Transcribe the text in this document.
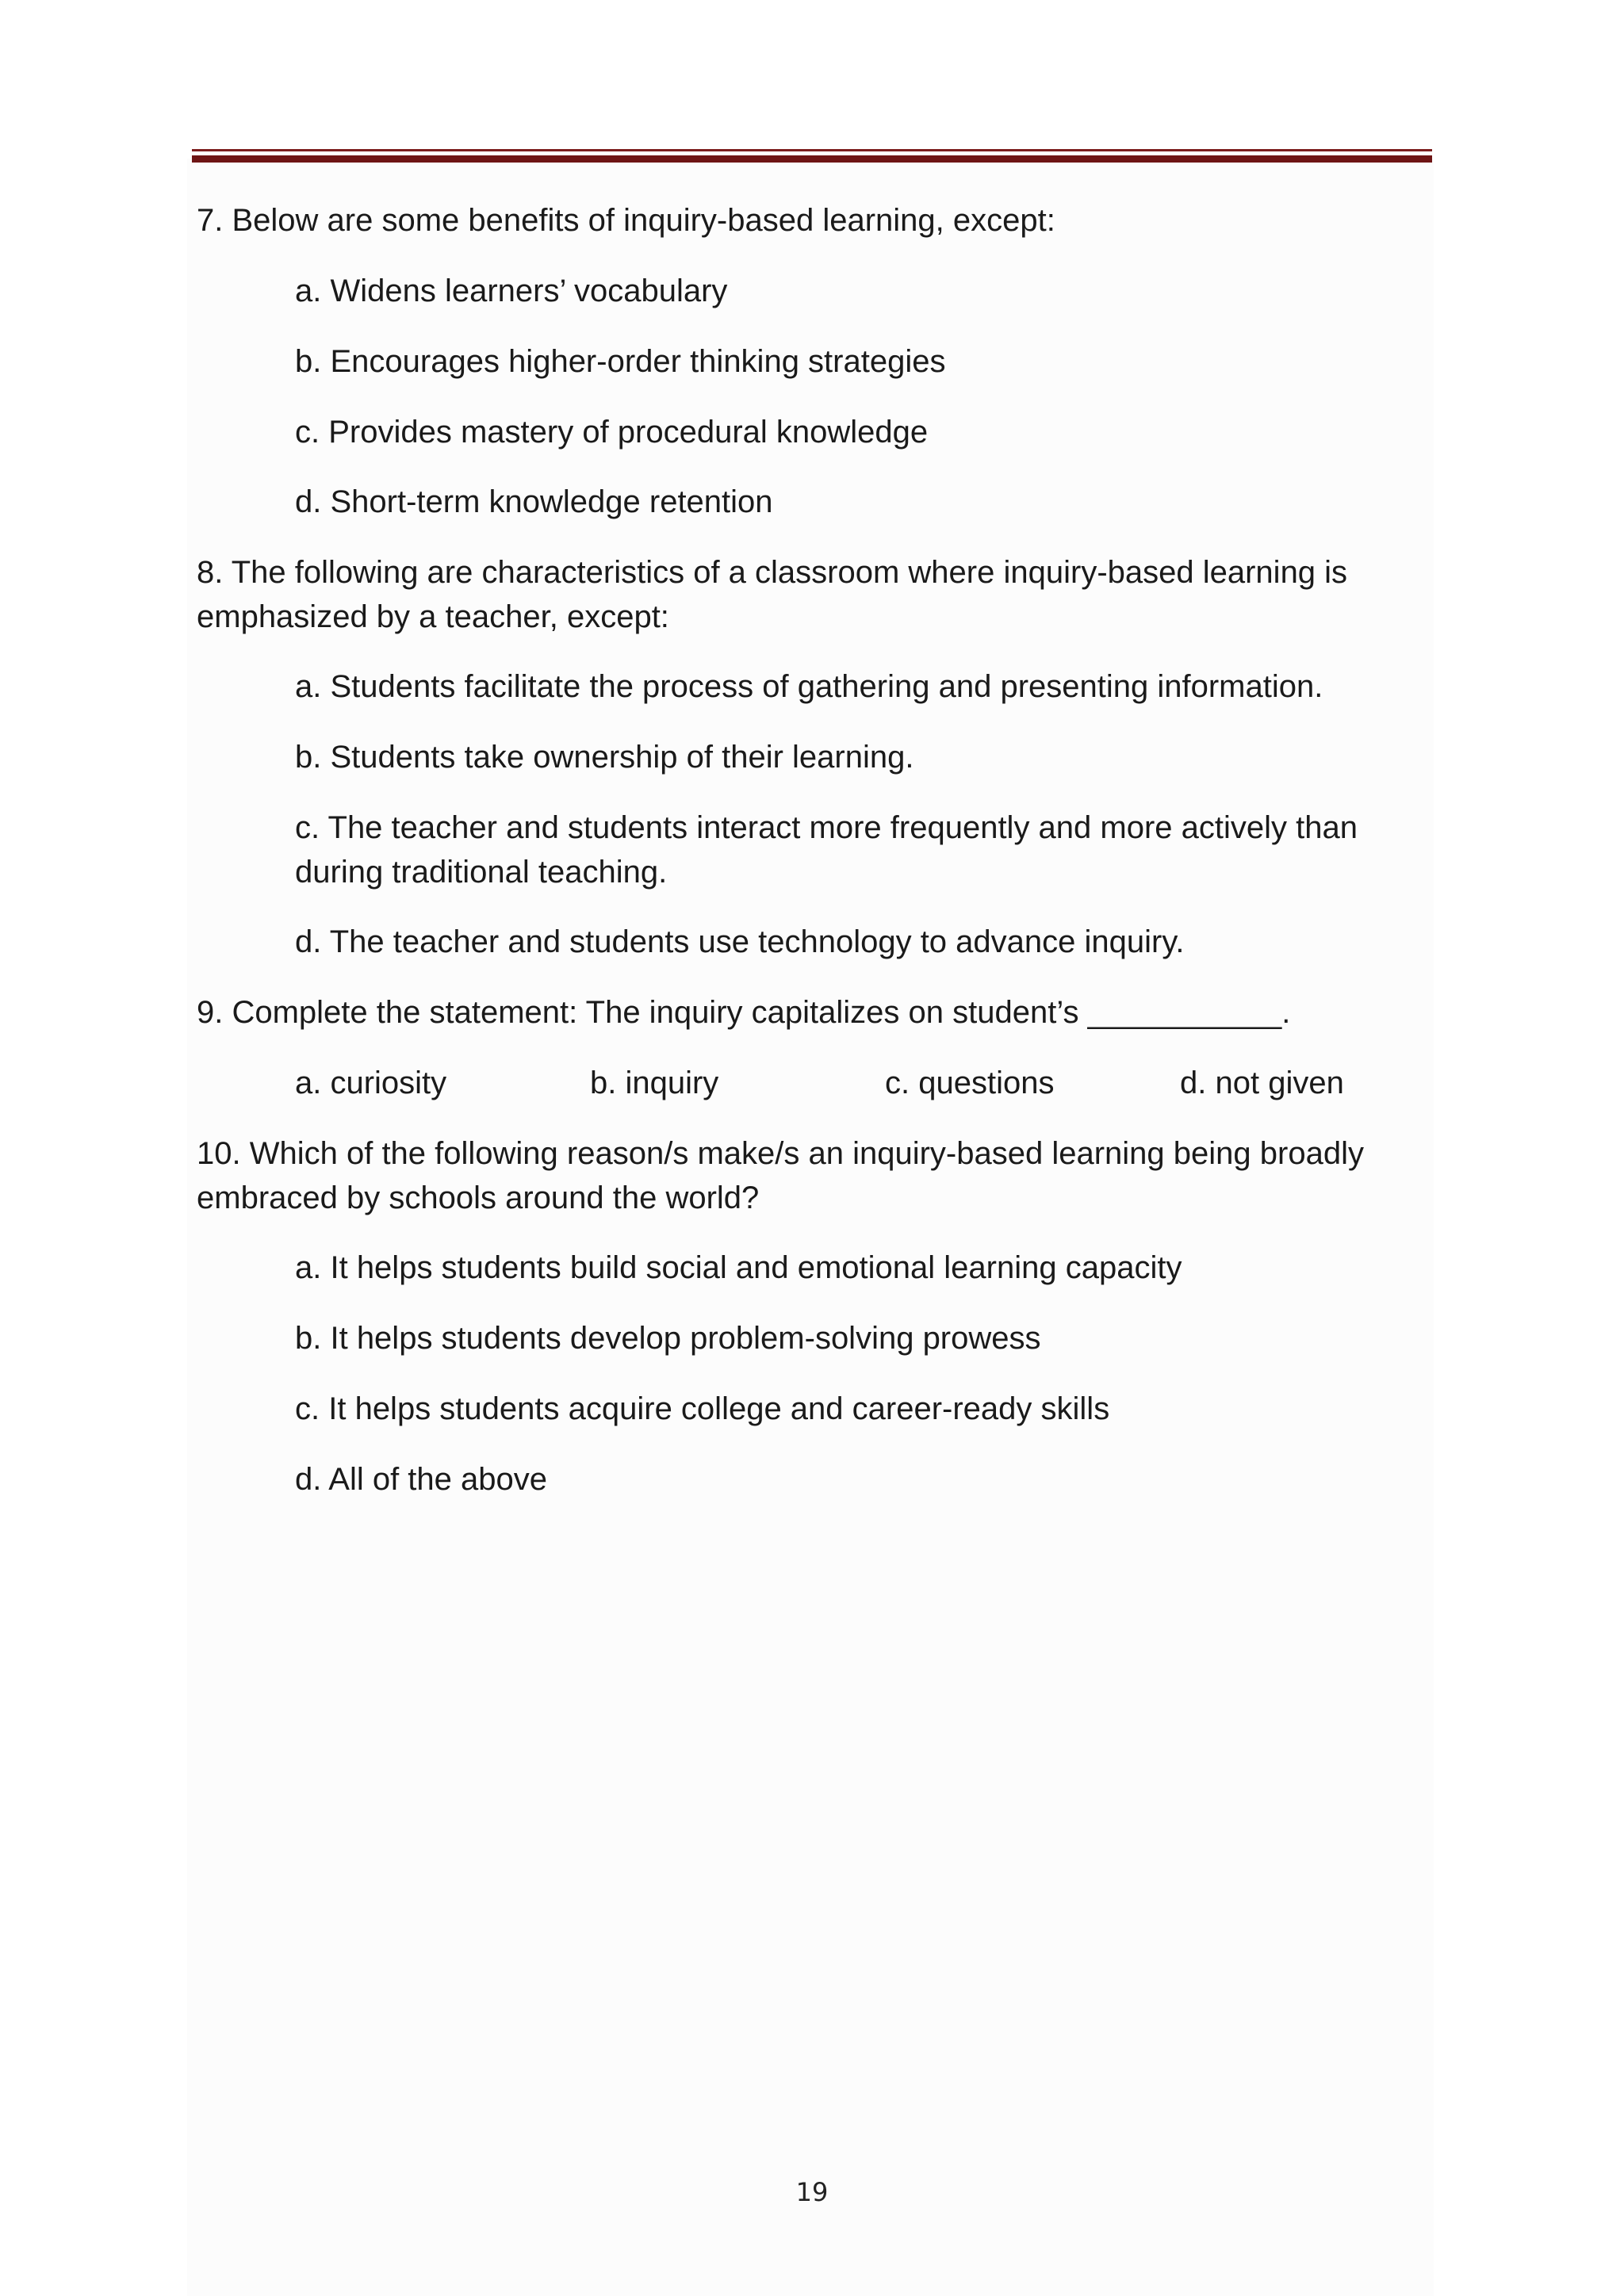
7. Below are some benefits of inquiry-based learning, except:
a. Widens learners’ vocabulary
b. Encourages higher-order thinking strategies
c. Provides mastery of procedural knowledge
d. Short-term knowledge retention
8. The following are characteristics of a classroom where inquiry-based learning is emphasized by a teacher, except:
a. Students facilitate the process of gathering and presenting information.
b. Students take ownership of their learning.
c. The teacher and students interact more frequently and more actively than during traditional teaching.
d. The teacher and students use technology to advance inquiry.
9. Complete the statement: The inquiry capitalizes on student’s ___________.
a. curiosity	b. inquiry	c. questions	d. not given
10. Which of the following reason/s make/s an inquiry-based learning being broadly embraced by schools around the world?
a. It helps students build social and emotional learning capacity
b. It helps students develop problem-solving prowess
c. It helps students acquire college and career-ready skills
d. All of the above
19
